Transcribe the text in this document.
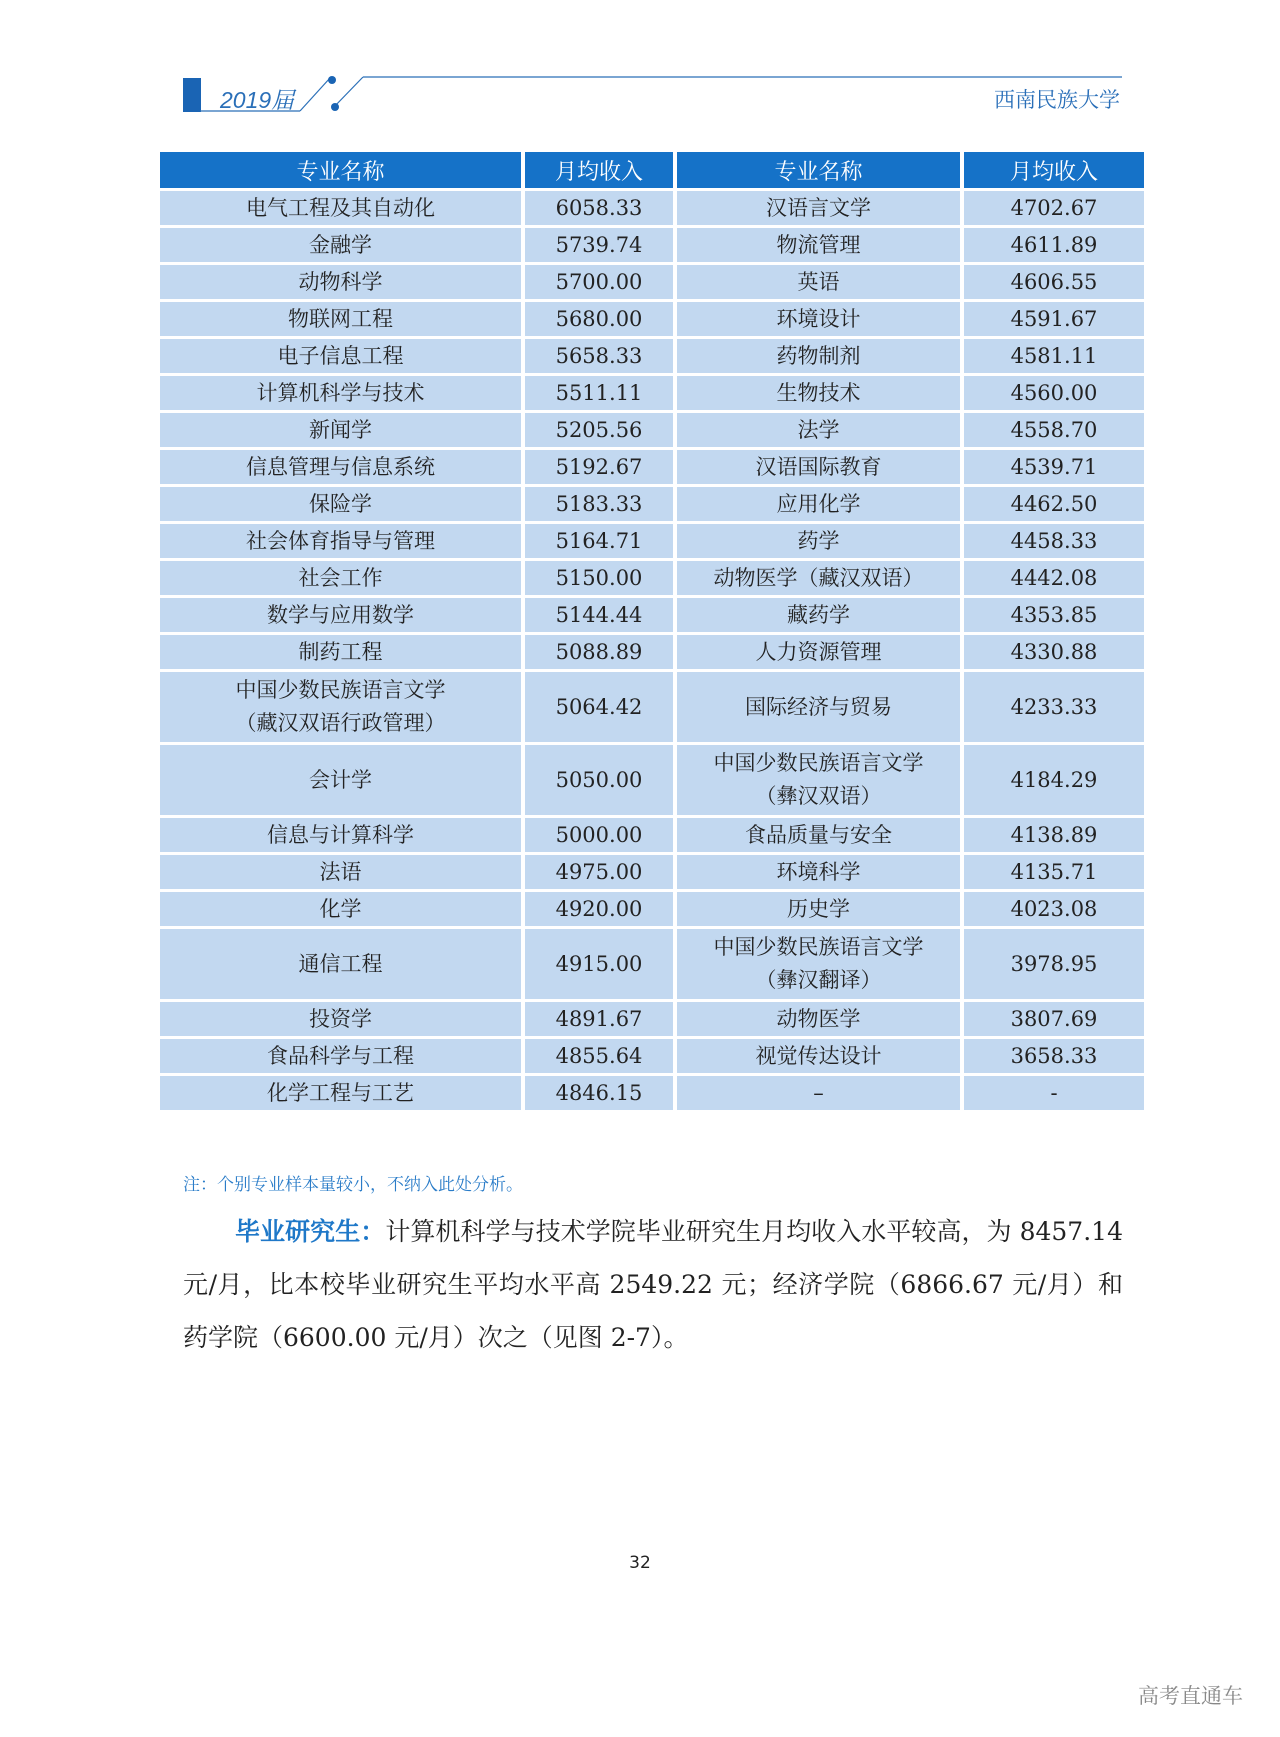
2019届	西南民族大学
专业名称	月均收入	专业名称	月均收入

电气工程及其自动化	6058.33	汉语言文学	4702.67

金融学	5739.74	物流管理	4611.89

动物科学	5700.00	英语	4606.55

物联网工程	5680.00	环境设计	4591.67

电子信息工程	5658.33	药物制剂	4581.11

计算机科学与技术	5511.11	生物技术	4560.00

新闻学	5205.56	法学	4558.70

信息管理与信息系统	5192.67	汉语国际教育	4539.71

保险学	5183.33	应用化学	4462.50

社会体育指导与管理	5164.71	药学	4458.33

社会工作	5150.00	动物医学（藏汉双语）	4442.08

数学与应用数学	5144.44	藏药学	4353.85

制药工程	5088.89	人力资源管理	4330.88

中国少数民族语言文学
（藏汉双语行政管理）	5064.42	国际经济与贸易	4233.33

会计学	5050.00	中国少数民族语言文学
（彝汉双语）	4184.29

信息与计算科学	5000.00	食品质量与安全	4138.89

法语	4975.00	环境科学	4135.71

化学	4920.00	历史学	4023.08

通信工程	4915.00	中国少数民族语言文学
（彝汉翻译）	3978.95

投资学	4891.67	动物医学	3807.69

食品科学与工程	4855.64	视觉传达设计	3658.33

化学工程与工艺	4846.15	–	-
注：个别专业样本量较小，不纳入此处分析。
毕业研究生：计算机科学与技术学院毕业研究生月均收入水平较高，为 8457.14 元/月，比本校毕业研究生平均水平高 2549.22 元；经济学院（6866.67 元/月）和药学院（6600.00 元/月）次之（见图 2-7）。
32
高考直通车
